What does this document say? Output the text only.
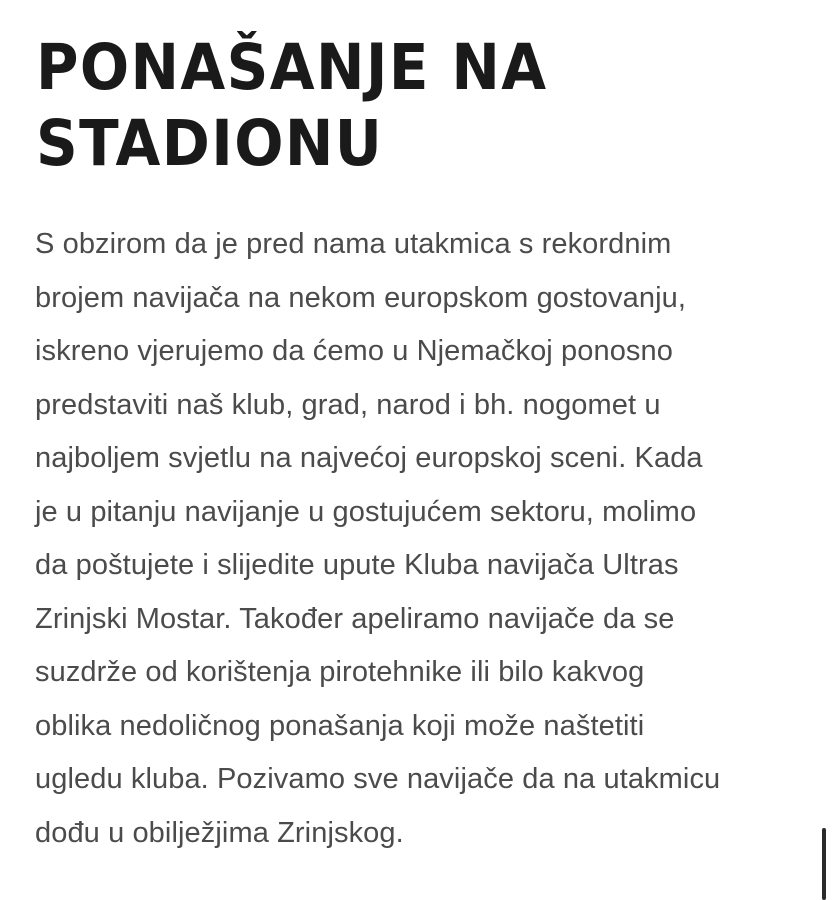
PONAŠANJE NA
STADIONU

S obzirom da je pred nama utakmica s rekordnim
brojem navijača na nekom europskom gostovanju,
iskreno vjerujemo da ćemo u Njemačkoj ponosno
predstaviti naš klub, grad, narod i bh. nogomet u
najboljem svjetlu na najvećoj europskoj sceni. Kada
je u pitanju navijanje u gostujućem sektoru, molimo
da poštujete i slijedite upute Kluba navijača Ultras
Zrinjski Mostar. Također apeliramo navijače da se
suzdrže od korištenja pirotehnike ili bilo kakvog
oblika nedoličnog ponašanja koji može naštetiti
ugledu kluba. Pozivamo sve navijače da na utakmicu
dođu u obilježjima Zrinjskog.
